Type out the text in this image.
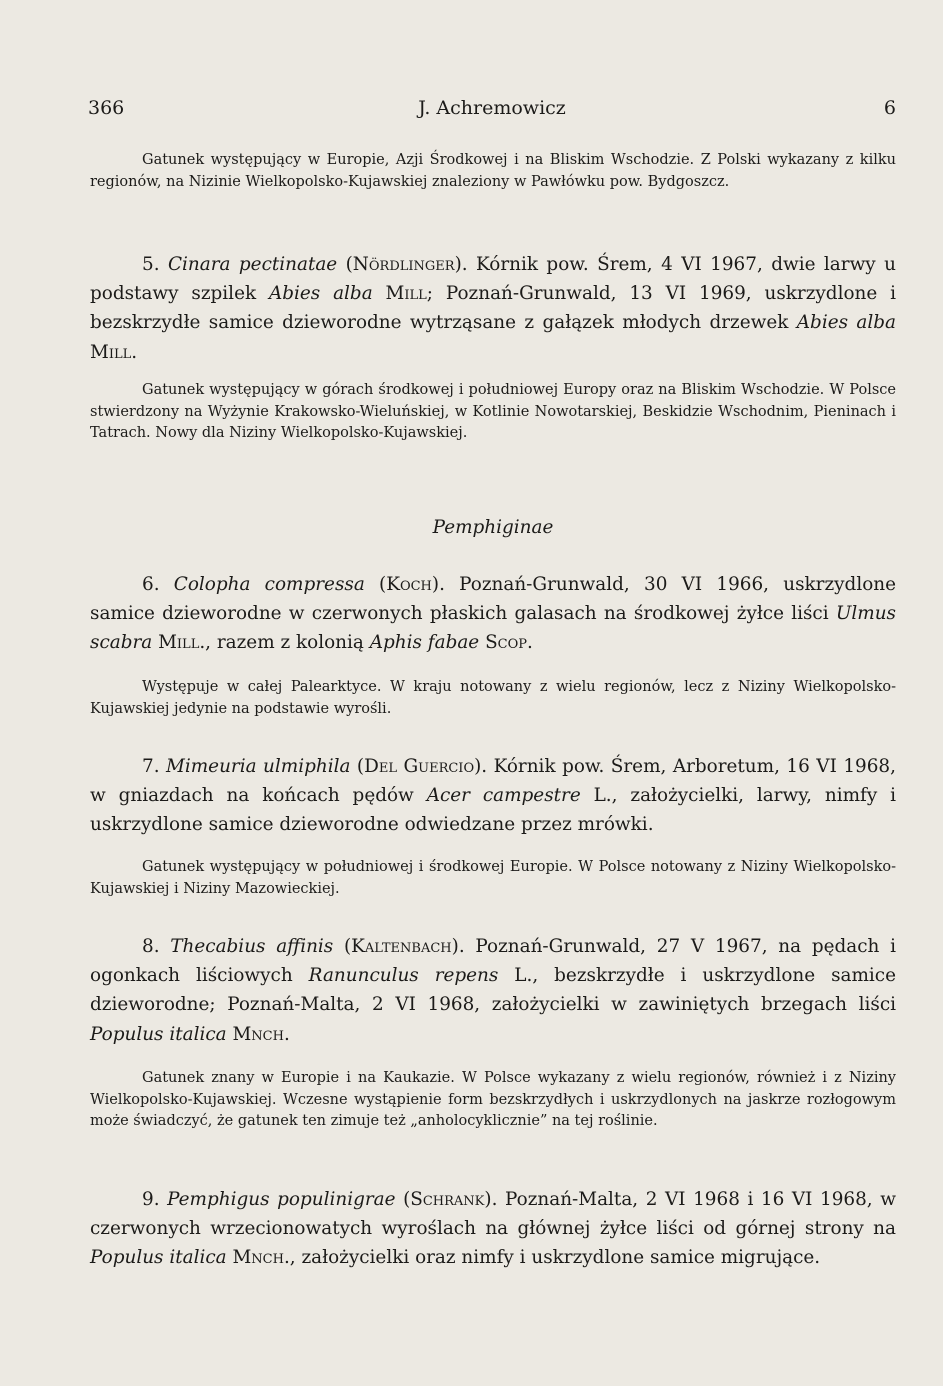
366	J. Achremowicz	6

Gatunek występujący w Europie, Azji Środkowej i na Bliskim Wschodzie. Z Polski wykazany z kilku regionów, na Nizinie Wielkopolsko-Kujawskiej znaleziony w Pawłówku pow. Bydgoszcz.

5. Cinara pectinatae (Nördlinger). Kórnik pow. Śrem, 4 VI 1967, dwie larwy u podstawy szpilek Abies alba Mill; Poznań-Grunwald, 13 VI 1969, uskrzydlone i bezskrzydłe samice dzieworodne wytrząsane z gałązek młodych drzewek Abies alba Mill.

Gatunek występujący w górach środkowej i południowej Europy oraz na Bliskim Wschodzie. W Polsce stwierdzony na Wyżynie Krakowsko-Wieluńskiej, w Kotlinie Nowotarskiej, Beskidzie Wschodnim, Pieninach i Tatrach. Nowy dla Niziny Wielkopolsko-Kujawskiej.

Pemphiginae

6. Colopha compressa (Koch). Poznań-Grunwald, 30 VI 1966, uskrzydlone samice dzieworodne w czerwonych płaskich galasach na środkowej żyłce liści Ulmus scabra Mill., razem z kolonią Aphis fabae Scop.

Występuje w całej Palearktyce. W kraju notowany z wielu regionów, lecz z Niziny Wielkopolsko-Kujawskiej jedynie na podstawie wyrośli.

7. Mimeuria ulmiphila (Del Guercio). Kórnik pow. Śrem, Arboretum, 16 VI 1968, w gniazdach na końcach pędów Acer campestre L., założycielki, larwy, nimfy i uskrzydlone samice dzieworodne odwiedzane przez mrówki.

Gatunek występujący w południowej i środkowej Europie. W Polsce notowany z Niziny Wielkopolsko-Kujawskiej i Niziny Mazowieckiej.

8. Thecabius affinis (Kaltenbach). Poznań-Grunwald, 27 V 1967, na pędach i ogonkach liściowych Ranunculus repens L., bezskrzydłe i uskrzydlone samice dzieworodne; Poznań-Malta, 2 VI 1968, założycielki w zawiniętych brzegach liści Populus italica Mnch.

Gatunek znany w Europie i na Kaukazie. W Polsce wykazany z wielu regionów, również i z Niziny Wielkopolsko-Kujawskiej. Wczesne wystąpienie form bezskrzydłych i uskrzydlonych na jaskrze rozłogowym może świadczyć, że gatunek ten zimuje też „anholocyklicznie” na tej roślinie.

9. Pemphigus populinigrae (Schrank). Poznań-Malta, 2 VI 1968 i 16 VI 1968, w czerwonych wrzecionowatych wyroślach na głównej żyłce liści od górnej strony na Populus italica Mnch., założycielki oraz nimfy i uskrzydlone samice migrujące.
